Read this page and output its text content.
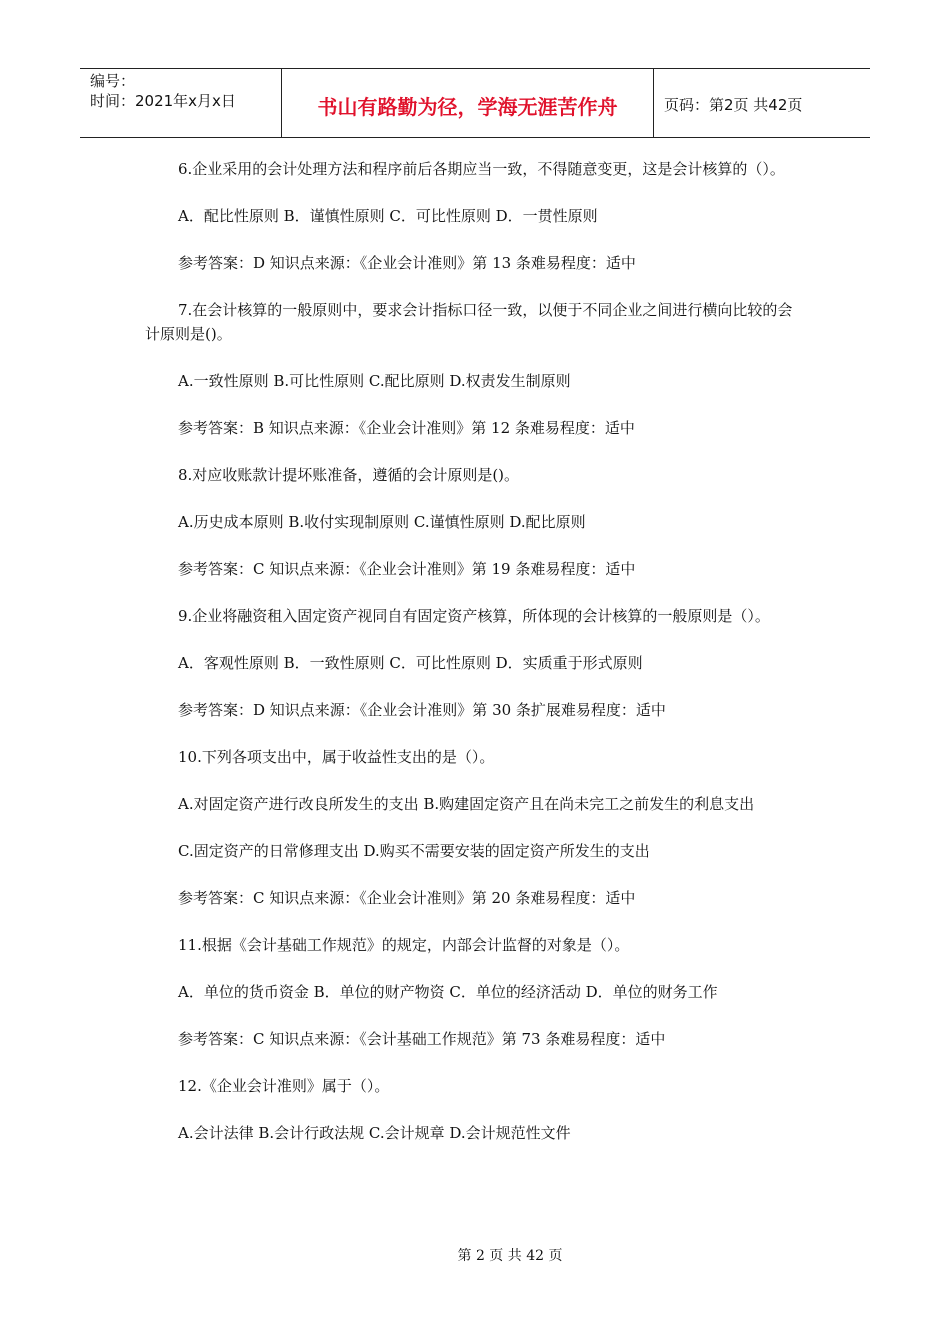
编号：
时间：2021年x月x日	书山有路勤为径，学海无涯苦作舟	页码：第2页 共42页

6.企业采用的会计处理方法和程序前后各期应当一致，不得随意变更，这是会计核算的（）。

A．配比性原则 B．谨慎性原则 C．可比性原则 D．一贯性原则

参考答案：D 知识点来源：《企业会计准则》第 13 条难易程度：适中

7.在会计核算的一般原则中，要求会计指标口径一致，以便于不同企业之间进行横向比较的会计原则是()。

A.一致性原则 B.可比性原则 C.配比原则 D.权责发生制原则

参考答案：B 知识点来源：《企业会计准则》第 12 条难易程度：适中

8.对应收账款计提坏账准备，遵循的会计原则是()。

A.历史成本原则 B.收付实现制原则 C.谨慎性原则 D.配比原则

参考答案：C 知识点来源：《企业会计准则》第 19 条难易程度：适中

9.企业将融资租入固定资产视同自有固定资产核算，所体现的会计核算的一般原则是（）。

A．客观性原则 B．一致性原则 C．可比性原则 D．实质重于形式原则

参考答案：D 知识点来源：《企业会计准则》第 30 条扩展难易程度：适中

10.下列各项支出中，属于收益性支出的是（）。

A.对固定资产进行改良所发生的支出 B.购建固定资产且在尚未完工之前发生的利息支出

C.固定资产的日常修理支出 D.购买不需要安装的固定资产所发生的支出

参考答案：C 知识点来源：《企业会计准则》第 20 条难易程度：适中

11.根据《会计基础工作规范》的规定，内部会计监督的对象是（）。

A．单位的货币资金 B．单位的财产物资 C．单位的经济活动 D．单位的财务工作

参考答案：C 知识点来源：《会计基础工作规范》第 73 条难易程度：适中

12.《企业会计准则》属于（）。

A.会计法律 B.会计行政法规 C.会计规章 D.会计规范性文件

第 2 页 共 42 页
